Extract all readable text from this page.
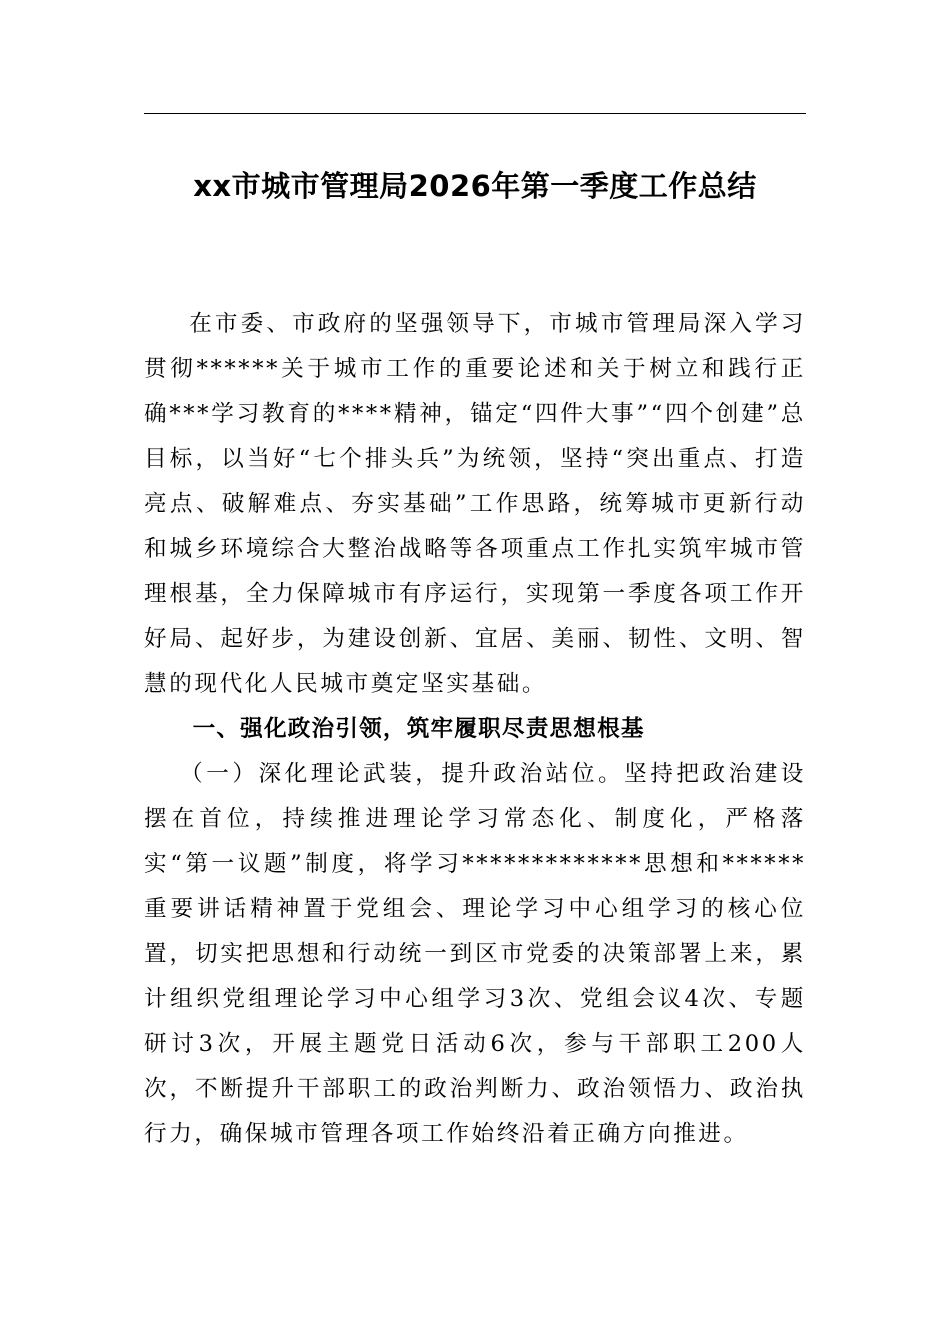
xx市城市管理局2026年第一季度工作总结

在市委、市政府的坚强领导下，市城市管理局深入学习贯彻******关于城市工作的重要论述和关于树立和践行正确***学习教育的****精神，锚定“四件大事”“四个创建”总目标，以当好“七个排头兵”为统领，坚持“突出重点、打造亮点、破解难点、夯实基础”工作思路，统筹城市更新行动和城乡环境综合大整治战略等各项重点工作扎实筑牢城市管理根基，全力保障城市有序运行，实现第一季度各项工作开好局、起好步，为建设创新、宜居、美丽、韧性、文明、智慧的现代化人民城市奠定坚实基础。

一、强化政治引领，筑牢履职尽责思想根基

（一）深化理论武装，提升政治站位。坚持把政治建设摆在首位，持续推进理论学习常态化、制度化，严格落实“第一议题”制度，将学习*************思想和******重要讲话精神置于党组会、理论学习中心组学习的核心位置，切实把思想和行动统一到区市党委的决策部署上来，累计组织党组理论学习中心组学习3次、党组会议4次、专题研讨3次，开展主题党日活动6次，参与干部职工200人次，不断提升干部职工的政治判断力、政治领悟力、政治执行力，确保城市管理各项工作始终沿着正确方向推进。
